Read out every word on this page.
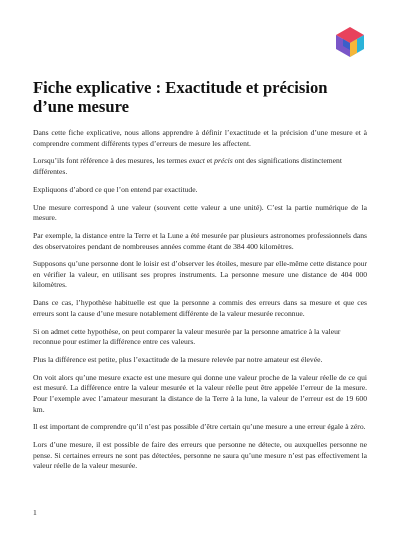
Fiche explicative : Exactitude et précision d’une mesure

Dans cette fiche explicative, nous allons apprendre à définir l’exactitude et la précision d’une mesure et à comprendre comment différents types d’erreurs de mesure les affectent.

Lorsqu’ils font référence à des mesures, les termes exact et précis ont des significations distinctement différentes.

Expliquons d’abord ce que l’on entend par exactitude.

Une mesure correspond à une valeur (souvent cette valeur a une unité). C’est la partie numérique de la mesure.

Par exemple, la distance entre la Terre et la Lune a été mesurée par plusieurs astronomes professionnels dans des observatoires pendant de nombreuses années comme étant de 384 400 kilomètres.

Supposons qu’une personne dont le loisir est d’observer les étoiles, mesure par elle-même cette distance pour en vérifier la valeur, en utilisant ses propres instruments. La personne mesure une distance de 404 000 kilomètres.

Dans ce cas, l’hypothèse habituelle est que la personne a commis des erreurs dans sa mesure et que ces erreurs sont la cause d’une mesure notablement différente de la valeur mesurée reconnue.

Si on admet cette hypothèse, on peut comparer la valeur mesurée par la personne amatrice à la valeur reconnue pour estimer la différence entre ces valeurs.

Plus la différence est petite, plus l’exactitude de la mesure relevée par notre amateur est élevée.

On voit alors qu’une mesure exacte est une mesure qui donne une valeur proche de la valeur réelle de ce qui est mesuré. La différence entre la valeur mesurée et la valeur réelle peut être appelée l’erreur de la mesure. Pour l’exemple avec l’amateur mesurant la distance de la Terre à la lune, la valeur de l’erreur est de 19 600 km.

Il est important de comprendre qu’il n’est pas possible d’être certain qu’une mesure a une erreur égale à zéro.

Lors d’une mesure, il est possible de faire des erreurs que personne ne détecte, ou auxquelles personne ne pense. Si certaines erreurs ne sont pas détectées, personne ne saura qu’une mesure n’est pas effectivement la valeur réelle de la valeur mesurée.

1
